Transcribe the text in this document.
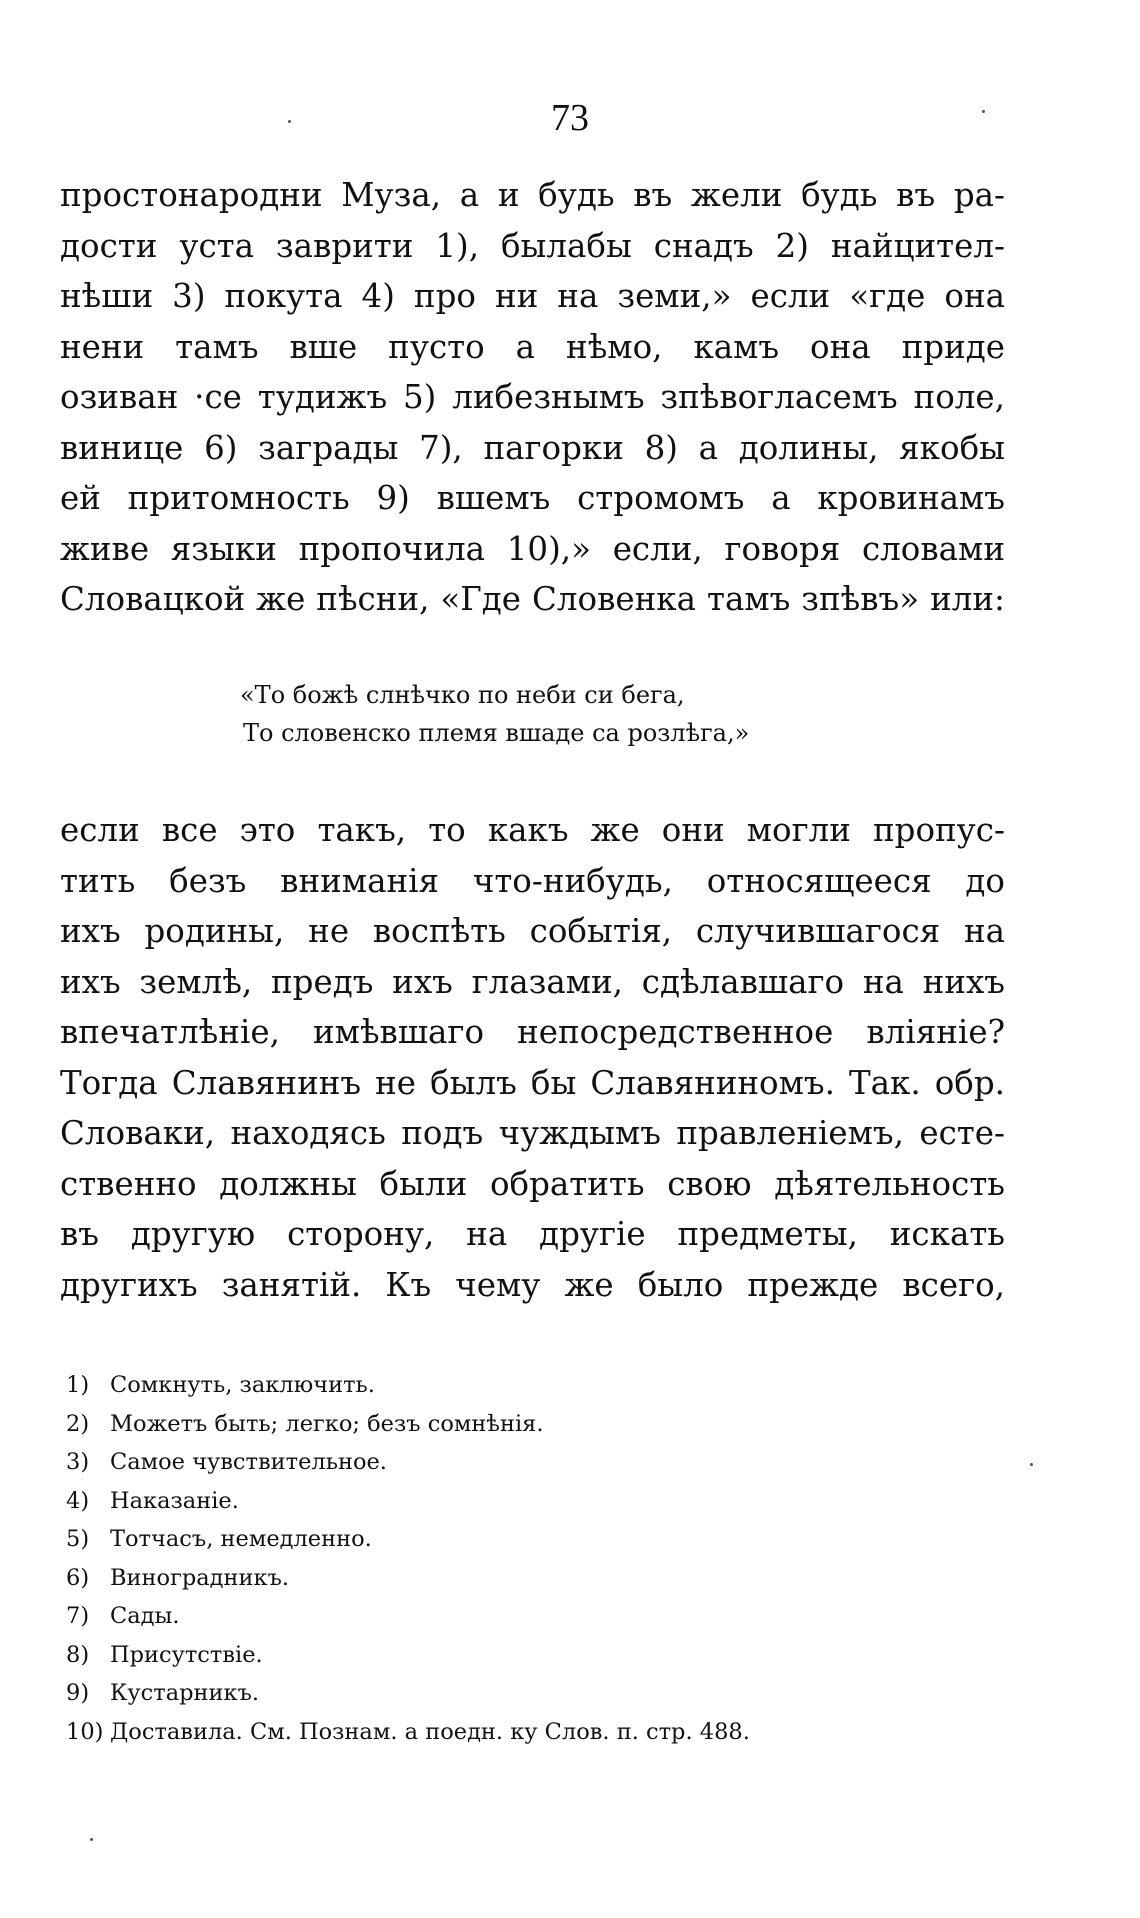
73
простонародни Муза, а и будь въ жели будь въ ра-
дости уста заврити 1), былабы снадъ 2) найцител-
нѣши 3) покута 4) про ни на земи,» если «где она
нени тамъ вше пусто а нѣмо, камъ она приде
озиван ·се тудижъ 5) либезнымъ зпѣвогласемъ поле,
винице 6) заграды 7), пагорки 8) а долины, якобы
ей притомность 9) вшемъ стромомъ а кровинамъ
живе языки пропочила 10),» если, говоря словами
Словацкой же пѣсни, «Где Словенка тамъ зпѣвъ» или:
«То божѣ слнѣчко по неби си бега,
То словенско племя вшаде са розлѣга,»
если все это такъ, то какъ же они могли пропус-
тить безъ вниманія что-нибудь, относящееся до
ихъ родины, не воспѣть событія, случившагося на
ихъ землѣ, предъ ихъ глазами, сдѣлавшаго на нихъ
впечатлѣніе, имѣвшаго непосредственное вліяніе?
Тогда Славянинъ не былъ бы Славяниномъ. Так. обр.
Словаки, находясь подъ чуждымъ правленіемъ, есте-
ственно должны были обратить свою дѣятельность
въ другую сторону, на другіе предметы, искать
другихъ занятій. Къ чему же было прежде всего,
1) Сомкнуть, заключить.
2) Можетъ быть; легко; безъ сомнѣнія.
3) Самое чувствительное.
4) Наказаніе.
5) Тотчасъ, немедленно.
6) Виноградникъ.
7) Сады.
8) Присутствіе.
9) Кустарникъ.
10) Доставила. См. Познам. а поедн. ку Слов. п. стр. 488.
